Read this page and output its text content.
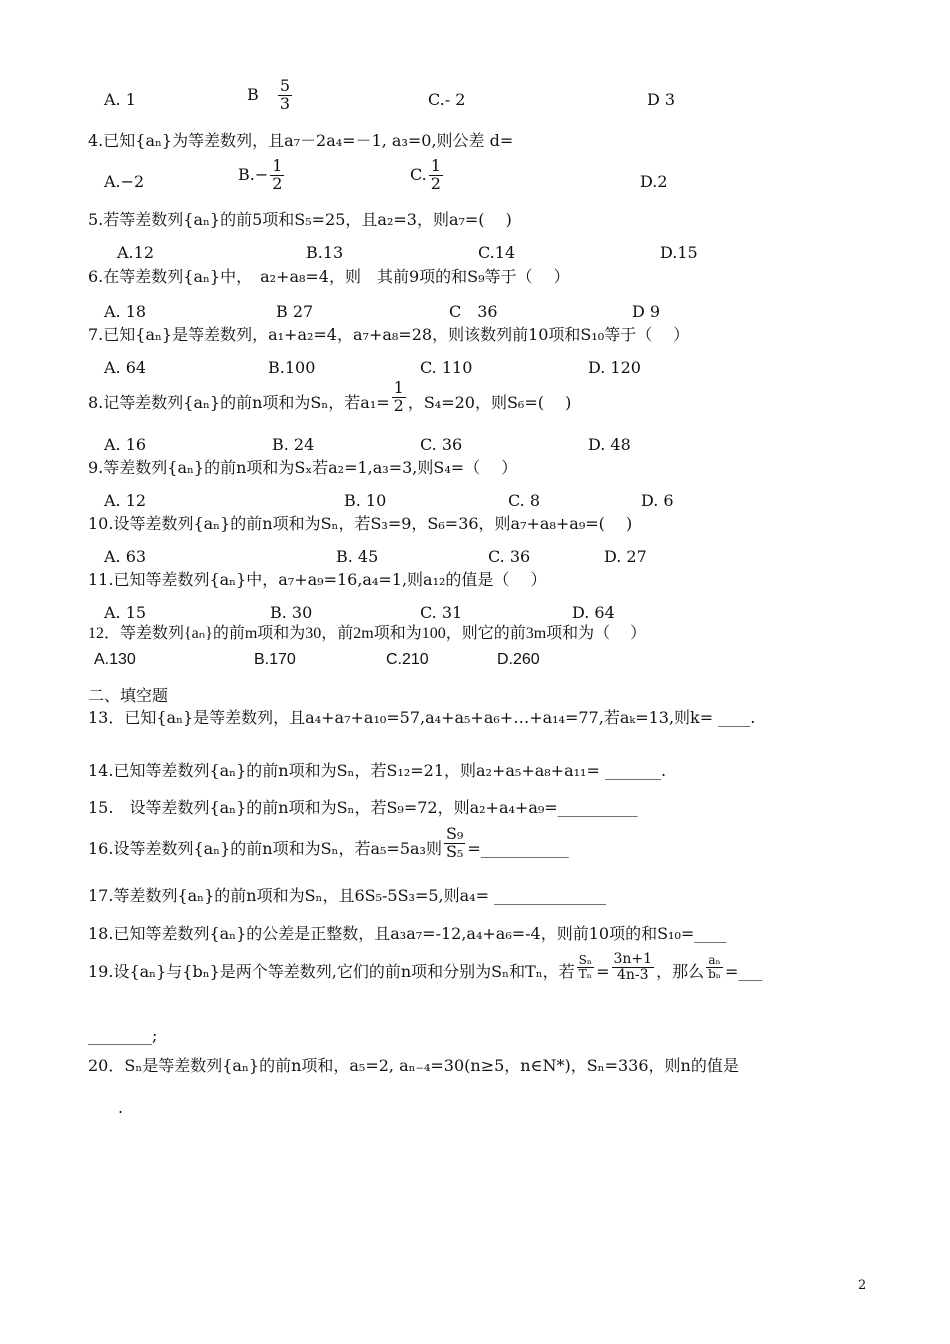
A. 1	B $\frac{5}{3}$	C.- 2	D 3
4.已知{aₙ}为等差数列，且a₇－2a₄=－1, a₃=0,则公差 d=
A.−2	$B.- \frac{1}{2}$	C. $\frac{1}{2}$	D.2
5.若等差数列{aₙ}的前5项和S₅=25，且a₂=3，则a₇=(　 )
A.12	B.13	C.14	D.15
6.在等差数列{aₙ}中，　a₂+a₈=4，则　其前9项的和S₉等于（　 ）
A. 18	B 27	C　36	D 9
7.已知{aₙ}是等差数列，a₁+a₂=4，a₇+a₈=28，则该数列前10项和S₁₀等于（　 ）
A. 64	B.100	C. 110	D. 120
8.记等差数列{aₙ}的前n项和为Sₙ，若$a_1= \frac{1}{2}$ ，S₄=20，则S₆=(　 )
A. 16	B. 24	C. 36	D. 48
9.等差数列{aₙ}的前n项和为Sₓ若a₂=1,a₃=3,则S₄=（　 ）
A. 12	B. 10	C. 8	D. 6
10.设等差数列{aₙ}的前n项和为Sₙ，若S₃=9，S₆=36，则a₇+a₈+a₉=(　 )
A. 63	B. 45	C. 36	D. 27
11.已知等差数列{aₙ}中，a₇+a₉=16,a₄=1,则a₁₂的值是（　 ）
A. 15	B. 30	C. 31	D. 64
12．等差数列{aₙ}的前m项和为30，前2m项和为100，则它的前3m项和为（　 ）
A.130	B.170	C.210	D.260
二、填空题
13．已知{aₙ}是等差数列，且a₄+a₇+a₁₀=57,a₄+a₅+a₆+…+a₁₄=77,若aₖ=13,则k= ____.
14.已知等差数列{aₙ}的前n项和为Sₙ，若S₁₂=21，则a₂+a₅+a₈+a₁₁= _______.
15.　设等差数列{aₙ}的前n项和为Sₙ，若S₉=72，则a₂+a₄+a₉=__________
16.设等差数列{aₙ}的前n项和为Sₙ，若a₅=5a₃则 $\frac{\text{S₉}}{\text{S₅}}$ =___________
17.等差数列{aₙ}的前n项和为Sₙ，且6S₅-5S₃=5,则a₄= ______________
18.已知等差数列{aₙ}的公差是正整数，且a₃a₇=-12,a₄+a₆=-4，则前10项的和S₁₀=____
19.设{aₙ}与{bₙ}是两个等差数列,它们的前n项和分别为Sₙ和Tₙ，若 $\frac{\text{Sₙ}}{\text{Tₙ}} = \frac{3n+1}{4n-3}$ ，那么 $\frac{\text{aₙ}}{\text{bₙ}}$ =___
________;
20．Sₙ是等差数列{aₙ}的前n项和，a₅=2, aₙ₋₄=30(n≥5，n∈N*)，Sₙ=336，则n的值是
.
2
